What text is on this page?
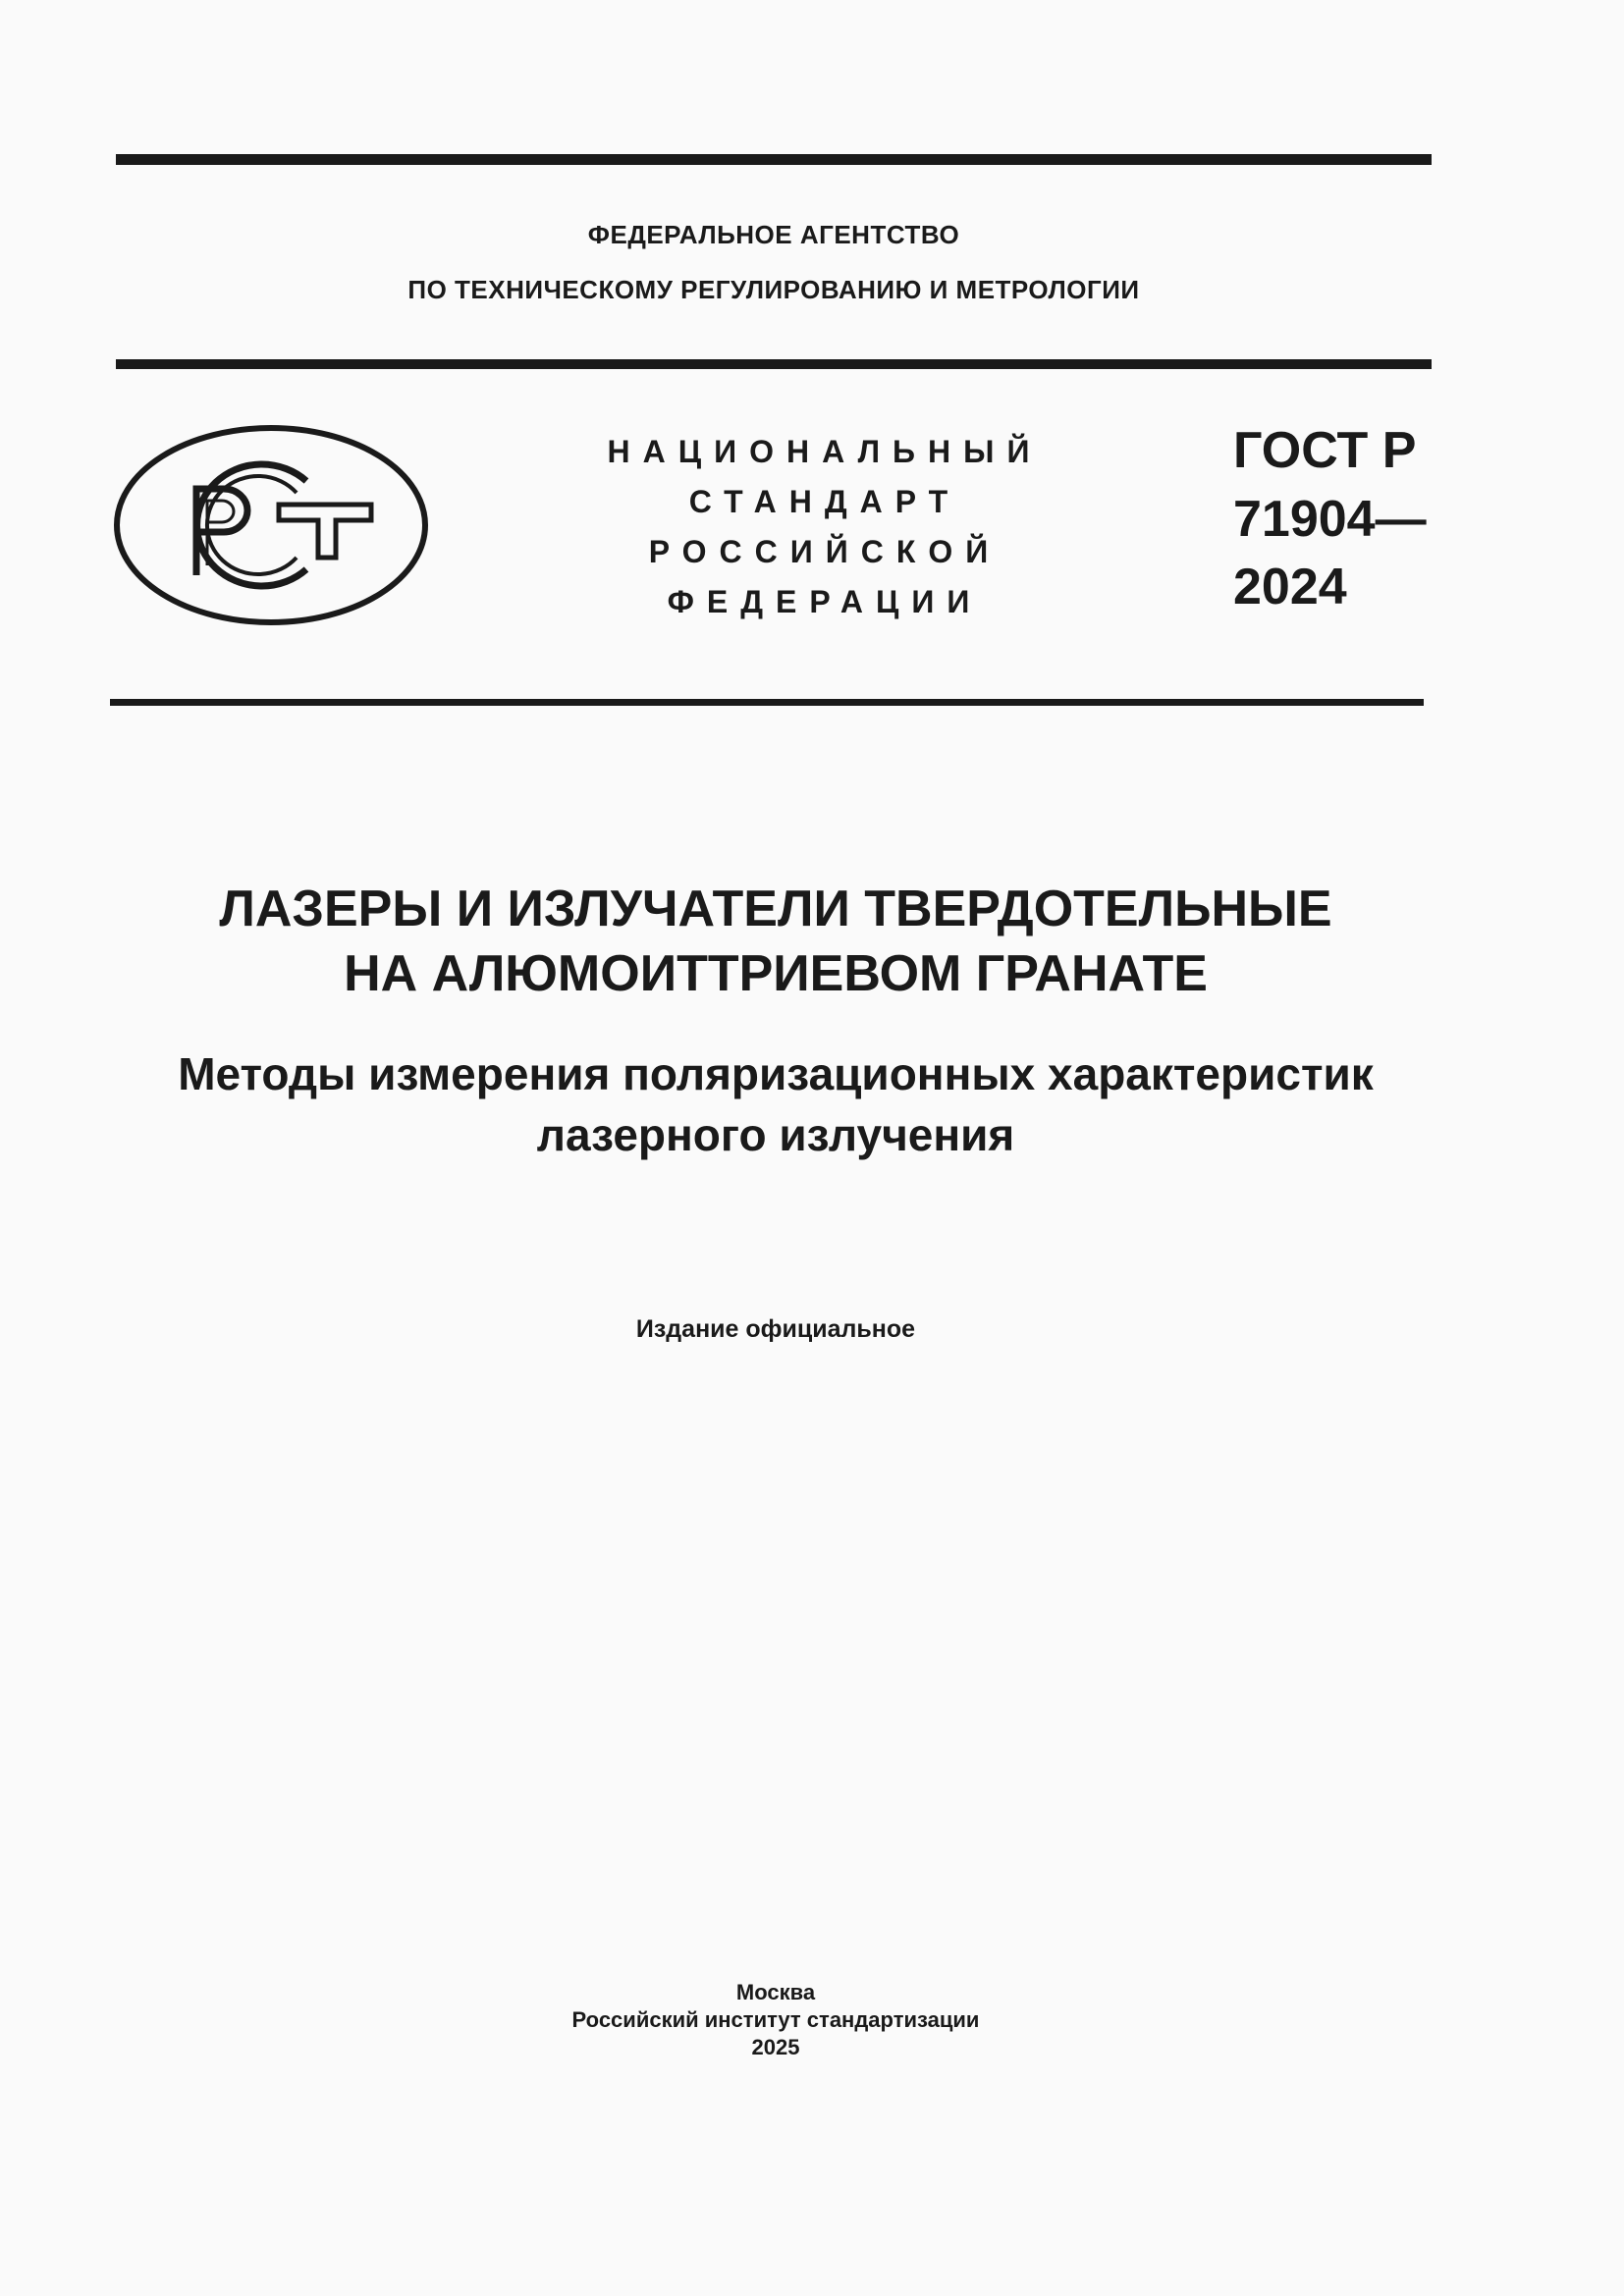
ФЕДЕРАЛЬНОЕ АГЕНТСТВО
ПО ТЕХНИЧЕСКОМУ РЕГУЛИРОВАНИЮ И МЕТРОЛОГИИ
НАЦИОНАЛЬНЫЙ
СТАНДАРТ
РОССИЙСКОЙ
ФЕДЕРАЦИИ
ГОСТ Р
71904—
2024
ЛАЗЕРЫ И ИЗЛУЧАТЕЛИ ТВЕРДОТЕЛЬНЫЕ
НА АЛЮМОИТТРИЕВОМ ГРАНАТЕ
Методы измерения поляризационных характеристик
лазерного излучения
Издание официальное
Москва
Российский институт стандартизации
2025
